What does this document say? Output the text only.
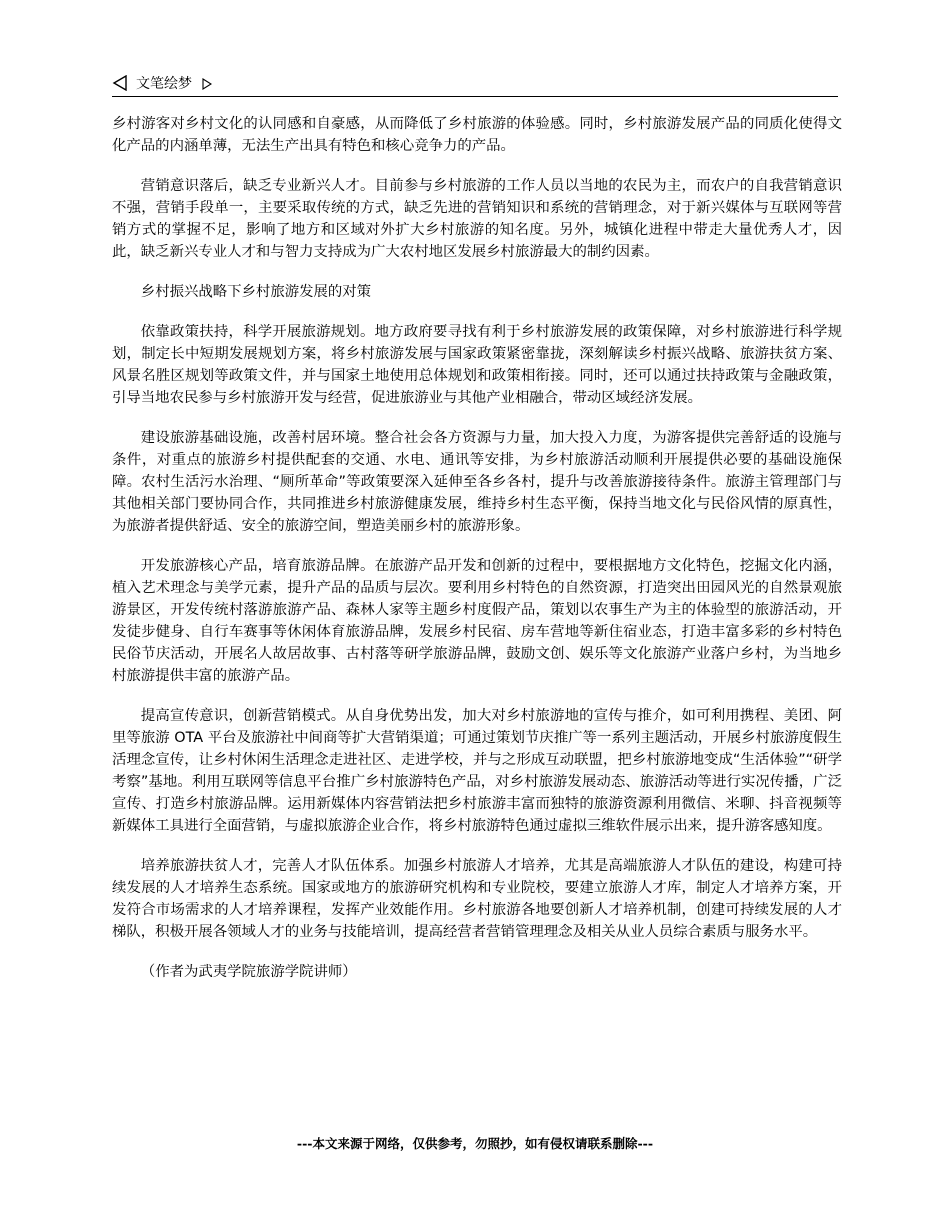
文笔绘梦

乡村游客对乡村文化的认同感和自豪感，从而降低了乡村旅游的体验感。同时，乡村旅游发展产品的同质化使得文化产品的内涵单薄，无法生产出具有特色和核心竞争力的产品。

营销意识落后，缺乏专业新兴人才。目前参与乡村旅游的工作人员以当地的农民为主，而农户的自我营销意识不强，营销手段单一，主要采取传统的方式，缺乏先进的营销知识和系统的营销理念，对于新兴媒体与互联网等营销方式的掌握不足，影响了地方和区域对外扩大乡村旅游的知名度。另外，城镇化进程中带走大量优秀人才，因此，缺乏新兴专业人才和与智力支持成为广大农村地区发展乡村旅游最大的制约因素。

乡村振兴战略下乡村旅游发展的对策

依靠政策扶持，科学开展旅游规划。地方政府要寻找有利于乡村旅游发展的政策保障，对乡村旅游进行科学规划，制定长中短期发展规划方案，将乡村旅游发展与国家政策紧密靠拢，深刻解读乡村振兴战略、旅游扶贫方案、风景名胜区规划等政策文件，并与国家土地使用总体规划和政策相衔接。同时，还可以通过扶持政策与金融政策，引导当地农民参与乡村旅游开发与经营，促进旅游业与其他产业相融合，带动区域经济发展。

建设旅游基础设施，改善村居环境。整合社会各方资源与力量，加大投入力度，为游客提供完善舒适的设施与条件，对重点的旅游乡村提供配套的交通、水电、通讯等安排，为乡村旅游活动顺利开展提供必要的基础设施保障。农村生活污水治理、“厕所革命”等政策要深入延伸至各乡各村，提升与改善旅游接待条件。旅游主管理部门与其他相关部门要协同合作，共同推进乡村旅游健康发展，维持乡村生态平衡，保持当地文化与民俗风情的原真性，为旅游者提供舒适、安全的旅游空间，塑造美丽乡村的旅游形象。

开发旅游核心产品，培育旅游品牌。在旅游产品开发和创新的过程中，要根据地方文化特色，挖掘文化内涵，植入艺术理念与美学元素，提升产品的品质与层次。要利用乡村特色的自然资源，打造突出田园风光的自然景观旅游景区，开发传统村落游旅游产品、森林人家等主题乡村度假产品，策划以农事生产为主的体验型的旅游活动，开发徒步健身、自行车赛事等休闲体育旅游品牌，发展乡村民宿、房车营地等新住宿业态，打造丰富多彩的乡村特色民俗节庆活动，开展名人故居故事、古村落等研学旅游品牌，鼓励文创、娱乐等文化旅游产业落户乡村，为当地乡村旅游提供丰富的旅游产品。

提高宣传意识，创新营销模式。从自身优势出发，加大对乡村旅游地的宣传与推介，如可利用携程、美团、阿里等旅游 OTA 平台及旅游社中间商等扩大营销渠道；可通过策划节庆推广等一系列主题活动，开展乡村旅游度假生活理念宣传，让乡村休闲生活理念走进社区、走进学校，并与之形成互动联盟，把乡村旅游地变成“生活体验”“研学考察”基地。利用互联网等信息平台推广乡村旅游特色产品，对乡村旅游发展动态、旅游活动等进行实况传播，广泛宣传、打造乡村旅游品牌。运用新媒体内容营销法把乡村旅游丰富而独特的旅游资源利用微信、米聊、抖音视频等新媒体工具进行全面营销，与虚拟旅游企业合作，将乡村旅游特色通过虚拟三维软件展示出来，提升游客感知度。

培养旅游扶贫人才，完善人才队伍体系。加强乡村旅游人才培养，尤其是高端旅游人才队伍的建设，构建可持续发展的人才培养生态系统。国家或地方的旅游研究机构和专业院校，要建立旅游人才库，制定人才培养方案，开发符合市场需求的人才培养课程，发挥产业效能作用。乡村旅游各地要创新人才培养机制，创建可持续发展的人才梯队，积极开展各领域人才的业务与技能培训，提高经营者营销管理理念及相关从业人员综合素质与服务水平。

（作者为武夷学院旅游学院讲师）

---本文来源于网络，仅供参考，勿照抄，如有侵权请联系删除---
